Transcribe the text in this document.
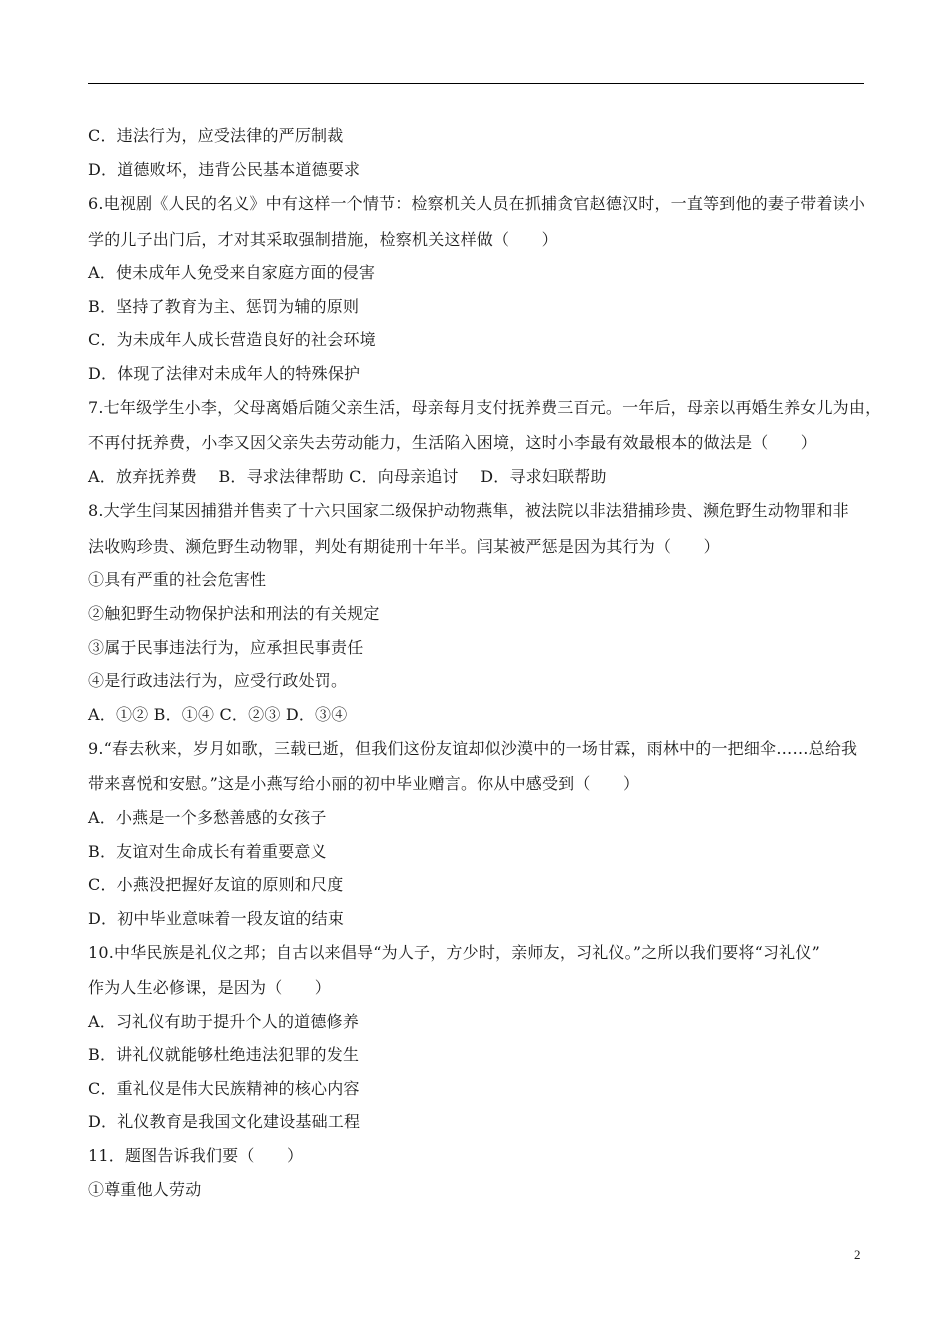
C．违法行为，应受法律的严厉制裁
D．道德败坏，违背公民基本道德要求
6.电视剧《人民的名义》中有这样一个情节：检察机关人员在抓捕贪官赵德汉时，一直等到他的妻子带着读小
学的儿子出门后，才对其采取强制措施，检察机关这样做（　　）
A．使未成年人免受来自家庭方面的侵害
B．坚持了教育为主、惩罚为辅的原则
C．为未成年人成长营造良好的社会环境
D．体现了法律对未成年人的特殊保护
7.七年级学生小李，父母离婚后随父亲生活，母亲每月支付抚养费三百元。一年后，母亲以再婚生养女儿为由，
不再付抚养费，小李又因父亲失去劳动能力，生活陷入困境，这时小李最有效最根本的做法是（　　）
A．放弃抚养费　 B．寻求法律帮助 C．向母亲追讨 　D．寻求妇联帮助
8.大学生闫某因捕猎并售卖了十六只国家二级保护动物燕隼，被法院以非法猎捕珍贵、濒危野生动物罪和非
法收购珍贵、濒危野生动物罪，判处有期徒刑十年半。闫某被严惩是因为其行为（　　）
①具有严重的社会危害性
②触犯野生动物保护法和刑法的有关规定
③属于民事违法行为，应承担民事责任
④是行政违法行为，应受行政处罚。
A．①② B．①④ C．②③ D．③④
9.“春去秋来，岁月如歌，三载已逝，但我们这份友谊却似沙漠中的一场甘霖，雨林中的一把细伞……总给我
带来喜悦和安慰。”这是小燕写给小丽的初中毕业赠言。你从中感受到（　　）
A．小燕是一个多愁善感的女孩子
B．友谊对生命成长有着重要意义
C．小燕没把握好友谊的原则和尺度
D．初中毕业意味着一段友谊的结束
10.中华民族是礼仪之邦；自古以来倡导“为人子，方少时，亲师友，习礼仪。”之所以我们要将“习礼仪”
作为人生必修课，是因为（　　）
A．习礼仪有助于提升个人的道德修养
B．讲礼仪就能够杜绝违法犯罪的发生
C．重礼仪是伟大民族精神的核心内容
D．礼仪教育是我国文化建设基础工程
11．题图告诉我们要（　　）
①尊重他人劳动
2
